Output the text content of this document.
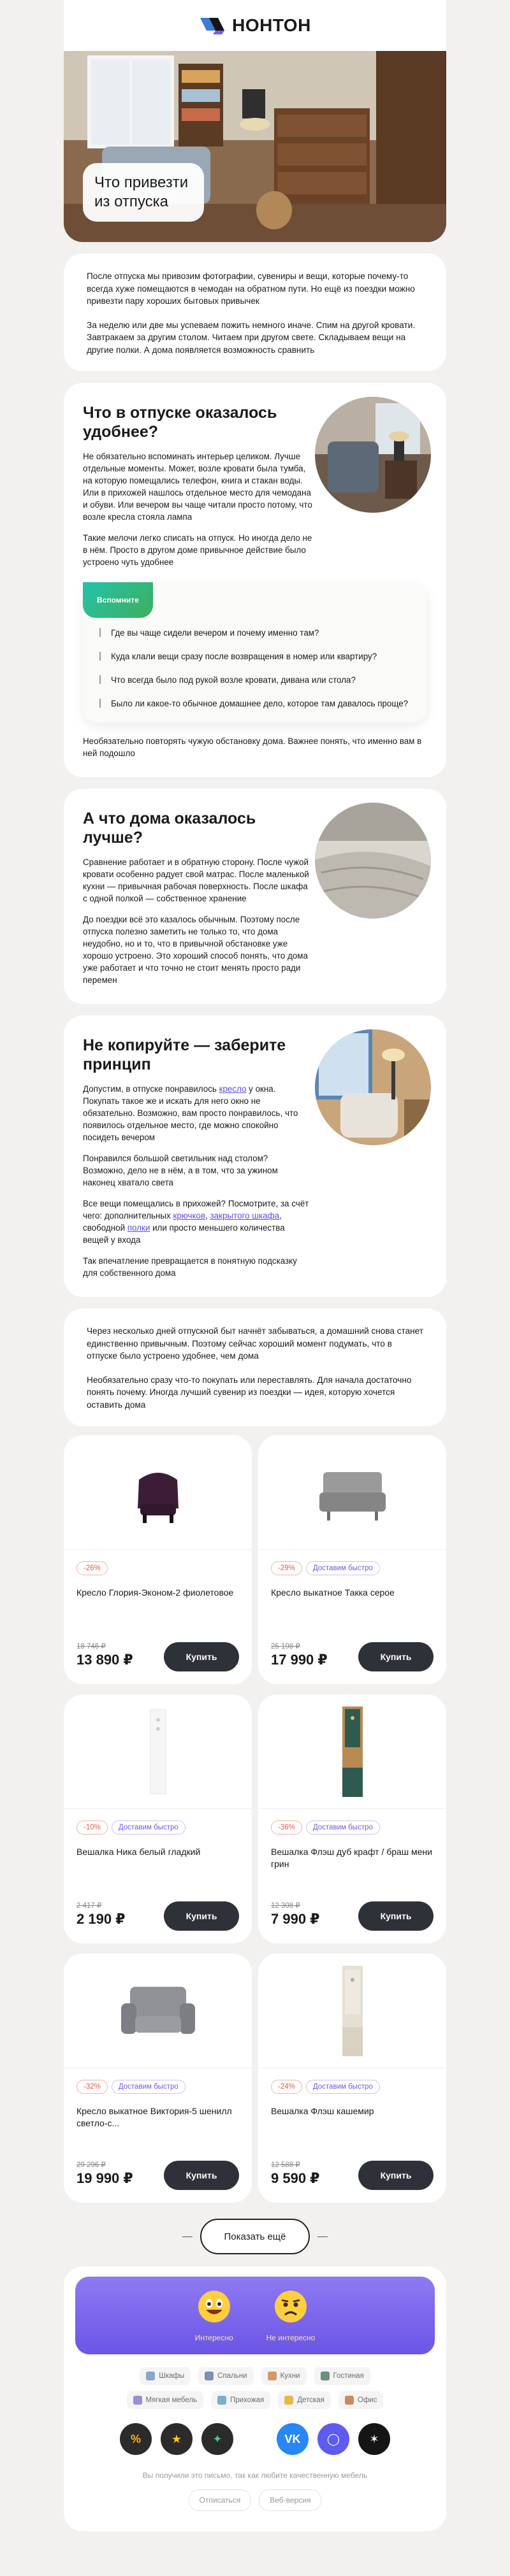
НОНТОН
Что привезти из отпуска

После отпуска мы привозим фотографии, сувениры и вещи, которые почему-то всегда хуже помещаются в чемодан на обратном пути. Но ещё из поездки можно привезти пару хороших бытовых привычек

За неделю или две мы успеваем пожить немного иначе. Спим на другой кровати. Завтракаем за другим столом. Читаем при другом свете. Складываем вещи на другие полки. А дома появляется возможность сравнить

Что в отпуске оказалось удобнее?

Не обязательно вспоминать интерьер целиком. Лучше отдельные моменты. Может, возле кровати была тумба, на которую помещались телефон, книга и стакан воды. Или в прихожей нашлось отдельное место для чемодана и обуви. Или вечером вы чаще читали просто потому, что возле кресла стояла лампа

Такие мелочи легко списать на отпуск. Но иногда дело не в нём. Просто в другом доме привычное действие было устроено чуть удобнее

Вспомните
Где вы чаще сидели вечером и почему именно там?
Куда клали вещи сразу после возвращения в номер или квартиру?
Что всегда было под рукой возле кровати, дивана или стола?
Было ли какое-то обычное домашнее дело, которое там давалось проще?

Необязательно повторять чужую обстановку дома. Важнее понять, что именно вам в ней подошло

А что дома оказалось лучше?

Сравнение работает и в обратную сторону. После чужой кровати особенно радует свой матрас. После маленькой кухни — привычная рабочая поверхность. После шкафа с одной полкой — собственное хранение

До поездки всё это казалось обычным. Поэтому после отпуска полезно заметить не только то, что дома неудобно, но и то, что в привычной обстановке уже хорошо устроено. Это хороший способ понять, что дома уже работает и что точно не стоит менять просто ради перемен

Не копируйте — заберите принцип

Допустим, в отпуске понравилось кресло у окна. Покупать такое же и искать для него окно не обязательно. Возможно, вам просто понравилось, что появилось отдельное место, где можно спокойно посидеть вечером

Понравился большой светильник над столом? Возможно, дело не в нём, а в том, что за ужином наконец хватало света

Все вещи помещались в прихожей? Посмотрите, за счёт чего: дополнительных крючков, закрытого шкафа, свободной полки или просто меньшего количества вещей у входа

Так впечатление превращается в понятную подсказку для собственного дома

Через несколько дней отпускной быт начнёт забываться, а домашний снова станет единственно привычным. Поэтому сейчас хороший момент подумать, что в отпуске было устроено удобнее, чем дома

Необязательно сразу что-то покупать или переставлять. Для начала достаточно понять почему. Иногда лучший сувенир из поездки — идея, которую хочется оставить дома

-26%
Кресло Глория-Эконом-2 фиолетовое
18 746 ₽
13 890 ₽	Купить
-29%	Доставим быстро
Кресло выкатное Такка серое
25 198 ₽
17 990 ₽	Купить
-10%	Доставим быстро
Вешалка Ника белый гладкий
2 417 ₽
2 190 ₽	Купить
-36%	Доставим быстро
Вешалка Флэш дуб крафт / браш мени грин
12 308 ₽
7 990 ₽	Купить
-32%	Доставим быстро
Кресло выкатное Виктория-5 шенилл светло-с...
29 296 ₽
19 990 ₽	Купить
-24%	Доставим быстро
Вешалка Флэш кашемир
12 588 ₽
9 590 ₽	Купить
Показать ещё
Интересно	Не интересно
Шкафы	Спальни	Кухни	Гостиная
Мягкая мебель	Прихожая	Детская	Офис
%	★	✦	VK	◯	✶
Вы получили это письмо, так как любите качественную мебель
Отписаться	Веб-версия
